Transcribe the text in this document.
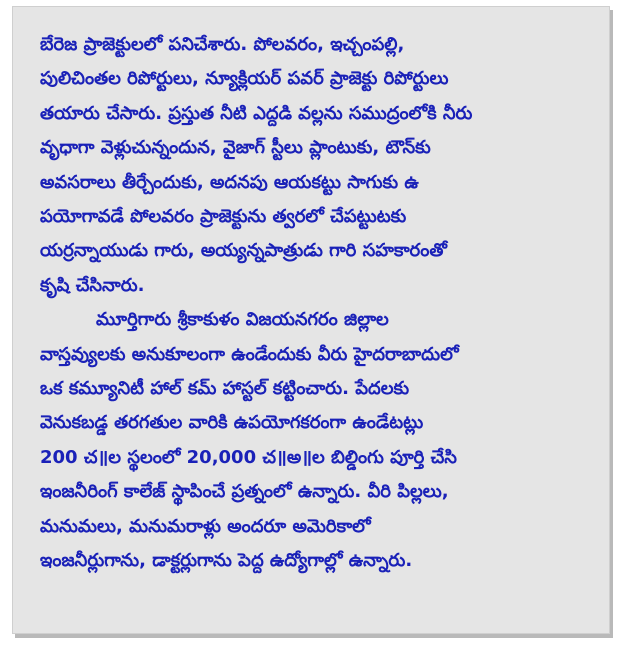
బేరెజ ప్రాజెక్టులలో పనిచేశారు. పోలవరం, ఇచ్చంపల్లి,
పులిచింతల రిపోర్టులు, న్యూక్లియర్ పవర్ ప్రాజెక్టు రిపోర్టులు
తయారు చేసారు. ప్రస్తుత నీటి ఎద్దడి వల్లను సముద్రంలోకి నీరు
వృధాగా వెళ్లుచున్నందున, వైజాగ్ స్టీలు ప్లాంటుకు, టౌన్‌కు
అవసరాలు తీర్చేందుకు, అదనపు ఆయకట్టు సాగుకు ఉ
పయోగావడే పోలవరం ప్రాజెక్టును త్వరలో చేపట్టుటకు
యర్రన్నాయుడు గారు, అయ్యన్నపాత్రుడు గారి సహకారంతో
కృషి చేసినారు.
మూర్తిగారు శ్రీకాకుళం విజయనగరం జిల్లాల
వాస్తవ్యులకు అనుకూలంగా ఉండేందుకు వీరు హైదరాబాదులో
ఒక కమ్యూనిటీ హాల్ కమ్ హాస్టల్ కట్టించారు. పేదలకు
వెనుకబడ్డ తరగతుల వారికి ఉపయోగకరంగా ఉండేటట్లు
200 చ॥ల స్థలంలో 20,000 చ॥అ॥ల బిల్డింగు పూర్తి చేసి
ఇంజనీరింగ్ కాలేజ్ స్థాపించే ప్రత్నంలో ఉన్నారు. వీరి పిల్లలు,
మనుమలు, మనుమరాళ్లు అందరూ అమెరికాలో
ఇంజనీర్లుగాను, డాక్టర్లుగాను పెద్ద ఉద్యోగాల్లో ఉన్నారు.
